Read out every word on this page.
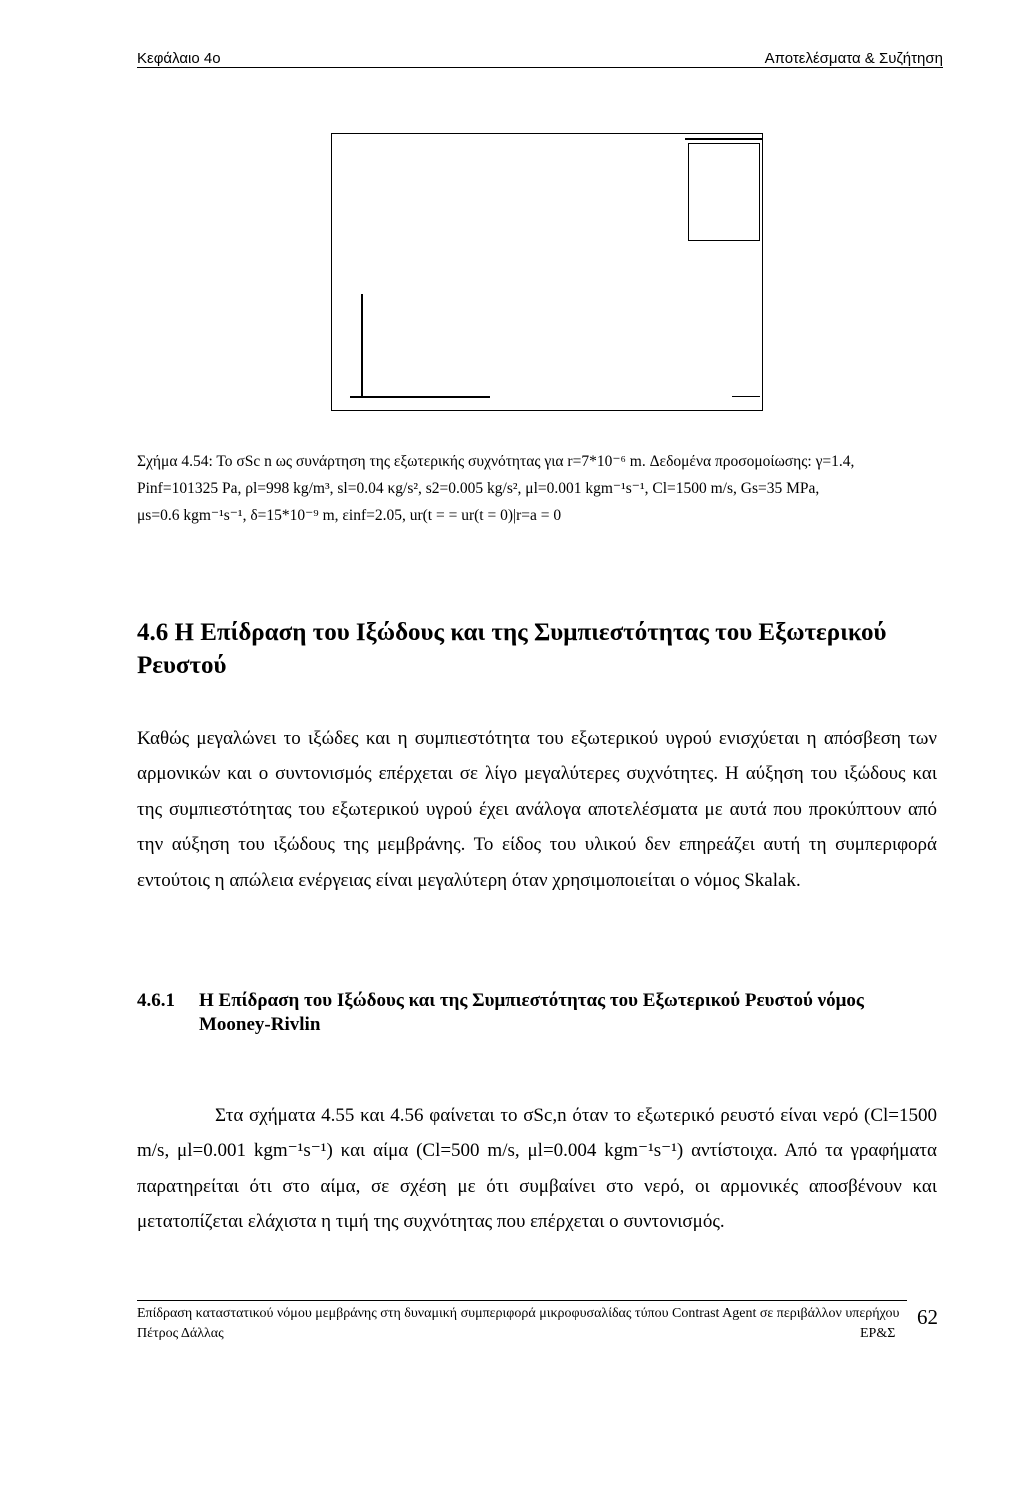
Κεφάλαιο 4ο	Αποτελέσματα & Συζήτηση
Σχήμα 4.54: Το σSc n ως συνάρτηση της εξωτερικής συχνότητας για r=7*10⁻⁶ m. Δεδομένα προσομοίωσης: γ=1.4,
Pinf=101325 Pa, ρl=998 kg/m³, sl=0.04 κg/s², s2=0.005 kg/s², μl=0.001 kgm⁻¹s⁻¹, Cl=1500 m/s, Gs=35 MPa,
μs=0.6 kgm⁻¹s⁻¹, δ=15*10⁻⁹ m, εinf=2.05, ur(t = = ur(t = 0)|r=a = 0
4.6 Η Επίδραση του Ιξώδους και της Συμπιεστότητας του Εξωτερικού
Ρευστού
Καθώς μεγαλώνει το ιξώδες και η συμπιεστότητα του εξωτερικού υγρού ενισχύεται η απόσβεση των αρμονικών και ο συντονισμός επέρχεται σε λίγο μεγαλύτερες συχνότητες. Η αύξηση του ιξώδους και της συμπιεστότητας του εξωτερικού υγρού έχει ανάλογα αποτελέσματα με αυτά που προκύπτουν από την αύξηση του ιξώδους της μεμβράνης. Το είδος του υλικού δεν επηρεάζει αυτή τη συμπεριφορά εντούτοις η απώλεια ενέργειας είναι μεγαλύτερη όταν χρησιμοποιείται ο νόμος Skalak.
4.6.1 Η Επίδραση του Ιξώδους και της Συμπιεστότητας του Εξωτερικού Ρευστού νόμος
Mooney-Rivlin
Στα σχήματα 4.55 και 4.56 φαίνεται το σSc,n όταν το εξωτερικό ρευστό είναι νερό (Cl=1500 m/s, μl=0.001 kgm⁻¹s⁻¹) και αίμα (Cl=500 m/s, μl=0.004 kgm⁻¹s⁻¹) αντίστοιχα. Από τα γραφήματα παρατηρείται ότι στο αίμα, σε σχέση με ότι συμβαίνει στο νερό, οι αρμονικές αποσβένουν και μετατοπίζεται ελάχιστα η τιμή της συχνότητας που επέρχεται ο συντονισμός.
Επίδραση καταστατικού νόμου μεμβράνης στη δυναμική συμπεριφορά μικροφυσαλίδας τύπου Contrast Agent σε περιβάλλον υπερήχου
Πέτρος Δάλλας	ΕΡ&Σ
62
